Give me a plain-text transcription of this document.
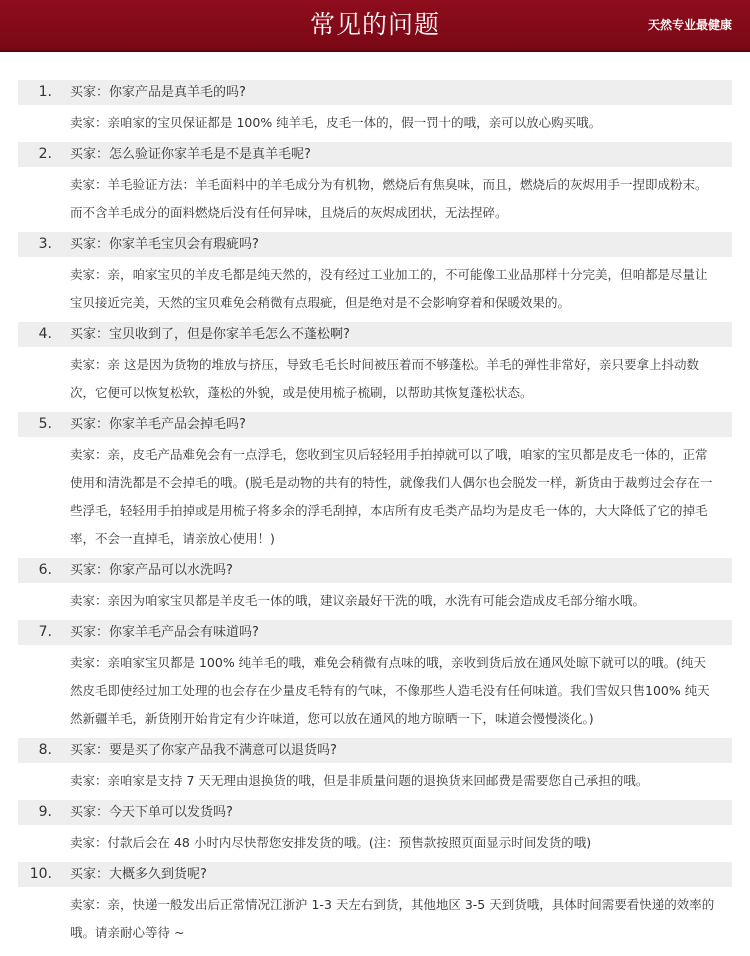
常见的问题	天然专业最健康
1.	买家：你家产品是真羊毛的吗?
卖家：亲咱家的宝贝保证都是 100% 纯羊毛，皮毛一体的，假一罚十的哦，亲可以放心购买哦。
2.	买家：怎么验证你家羊毛是不是真羊毛呢?
卖家：羊毛验证方法：羊毛面料中的羊毛成分为有机物，燃烧后有焦臭味，而且，燃烧后的灰烬用手一捏即成粉末。而不含羊毛成分的面料燃烧后没有任何异味，且烧后的灰烬成团状，无法捏碎。
3.	买家：你家羊毛宝贝会有瑕疵吗?
卖家：亲，咱家宝贝的羊皮毛都是纯天然的，没有经过工业加工的，不可能像工业品那样十分完美，但咱都是尽量让宝贝接近完美，天然的宝贝难免会稍微有点瑕疵，但是绝对是不会影响穿着和保暖效果的。
4.	买家：宝贝收到了，但是你家羊毛怎么不蓬松啊?
卖家：亲 这是因为货物的堆放与挤压，导致毛毛长时间被压着而不够蓬松。羊毛的弹性非常好，亲只要拿上抖动数次，它便可以恢复松软，蓬松的外貌，或是使用梳子梳刷，以帮助其恢复蓬松状态。
5.	买家：你家羊毛产品会掉毛吗?
卖家：亲，皮毛产品难免会有一点浮毛，您收到宝贝后轻轻用手拍掉就可以了哦，咱家的宝贝都是皮毛一体的，正常使用和清洗都是不会掉毛的哦。(脱毛是动物的共有的特性，就像我们人偶尔也会脱发一样，新货由于裁剪过会存在一些浮毛，轻轻用手拍掉或是用梳子将多余的浮毛刮掉，本店所有皮毛类产品均为是皮毛一体的，大大降低了它的掉毛率，不会一直掉毛，请亲放心使用！)
6.	买家：你家产品可以水洗吗?
卖家：亲因为咱家宝贝都是羊皮毛一体的哦，建议亲最好干洗的哦，水洗有可能会造成皮毛部分缩水哦。
7.	买家：你家羊毛产品会有味道吗?
卖家：亲咱家宝贝都是 100% 纯羊毛的哦，难免会稍微有点味的哦，亲收到货后放在通风处晾下就可以的哦。(纯天然皮毛即使经过加工处理的也会存在少量皮毛特有的气味，不像那些人造毛没有任何味道。我们雪奴只售100% 纯天然新疆羊毛，新货刚开始肯定有少许味道，您可以放在通风的地方晾晒一下，味道会慢慢淡化。)
8.	买家：要是买了你家产品我不满意可以退货吗?
卖家：亲咱家是支持 7 天无理由退换货的哦，但是非质量问题的退换货来回邮费是需要您自己承担的哦。
9.	买家：今天下单可以发货吗?
卖家：付款后会在 48 小时内尽快帮您安排发货的哦。(注：预售款按照页面显示时间发货的哦)
10.	买家：大概多久到货呢?
卖家：亲，快递一般发出后正常情况江浙沪 1-3 天左右到货，其他地区 3-5 天到货哦，具体时间需要看快递的效率的哦。请亲耐心等待 ~
